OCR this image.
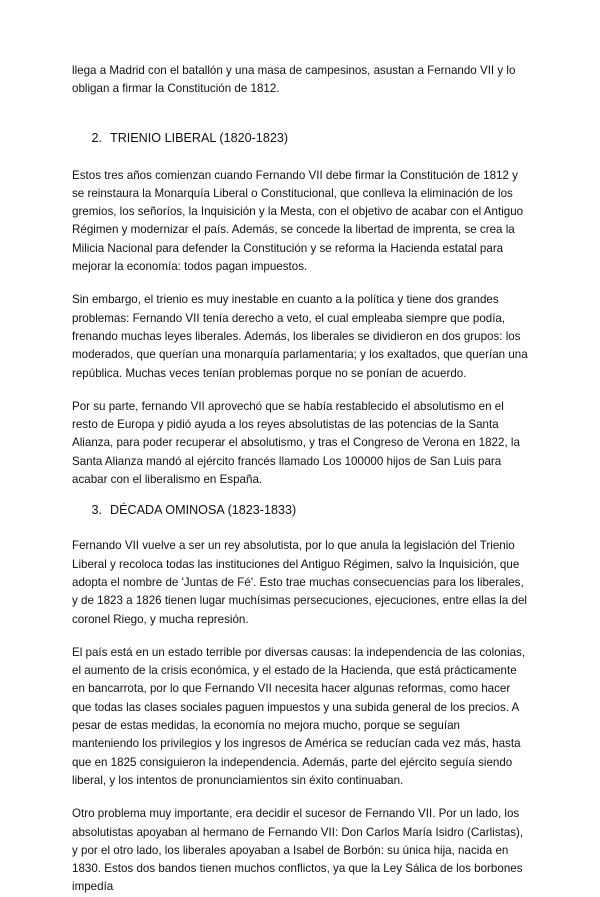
llega a Madrid con el batallón y una masa de campesinos, asustan a Fernando VII y lo obligan a firmar la Constitución de 1812.

2. TRIENIO LIBERAL (1820-1823)

Estos tres años comienzan cuando Fernando VII debe firmar la Constitución de 1812 y se reinstaura la Monarquía Liberal o Constitucional, que conlleva la eliminación de los gremios, los señoríos, la Inquisición y la Mesta, con el objetivo de acabar con el Antiguo Régimen y modernizar el país. Además, se concede la libertad de imprenta, se crea la Milicia Nacional para defender la Constitución y se reforma la Hacienda estatal para mejorar la economía: todos pagan impuestos.

Sin embargo, el trienio es muy inestable en cuanto a la política y tiene dos grandes problemas: Fernando VII tenía derecho a veto, el cual empleaba siempre que podía, frenando muchas leyes liberales. Además, los liberales se dividieron en dos grupos: los moderados, que querían una monarquía parlamentaria; y los exaltados, que querían una república. Muchas veces tenían problemas porque no se ponían de acuerdo.

Por su parte, fernando VII aprovechó que se había restablecido el absolutismo en el resto de Europa y pidió ayuda a los reyes absolutistas de las potencias de la Santa Alianza, para poder recuperar el absolutismo, y tras el Congreso de Verona en 1822, la Santa Alianza mandó al ejército francés llamado Los 100000 hijos de San Luis para acabar con el liberalismo en España.

3. DÉCADA OMINOSA (1823-1833)

Fernando VII vuelve a ser un rey absolutista, por lo que anula la legislación del Trienio Liberal y recoloca todas las instituciones del Antiguo Régimen, salvo la Inquisición, que adopta el nombre de 'Juntas de Fé'. Esto trae muchas consecuencias para los liberales, y de 1823 a 1826 tienen lugar muchísimas persecuciones, ejecuciones, entre ellas la del coronel Riego, y mucha represión.

El país está en un estado terrible por diversas causas: la independencia de las colonias, el aumento de la crisis económica, y el estado de la Hacienda, que está prácticamente en bancarrota, por lo que Fernando VII necesita hacer algunas reformas, como hacer que todas las clases sociales paguen impuestos y una subida general de los precios. A pesar de estas medidas, la economía no mejora mucho, porque se seguían manteniendo los privilegios y los ingresos de América se reducían cada vez más, hasta que en 1825 consiguieron la independencia. Además, parte del ejército seguía siendo liberal, y los intentos de pronunciamientos sin éxito continuaban.

Otro problema muy importante, era decidir el sucesor de Fernando VII. Por un lado, los absolutistas apoyaban al hermano de Fernando VII: Don Carlos María Isidro (Carlistas), y por el otro lado, los liberales apoyaban a Isabel de Borbón: su única hija, nacida en 1830. Estos dos bandos tienen muchos conflictos, ya que la Ley Sálica de los borbones impedía
